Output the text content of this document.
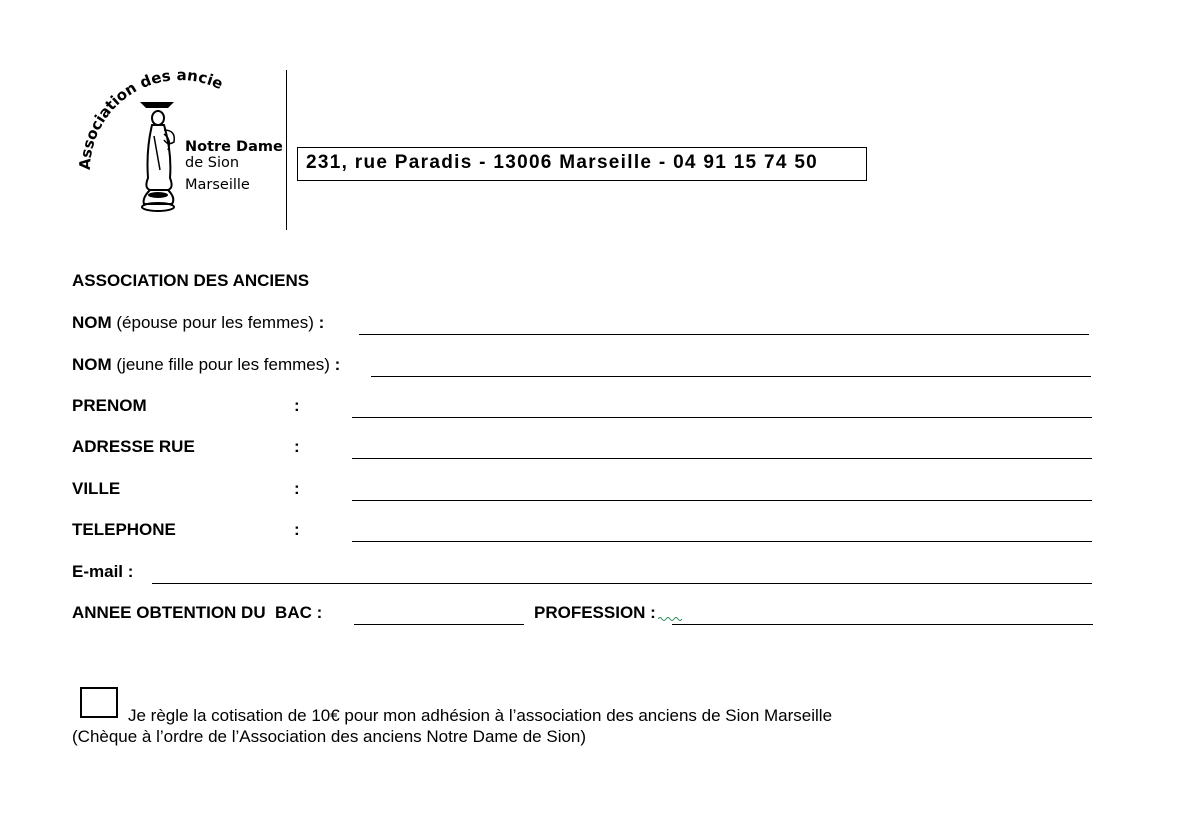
Association des ancie
Notre Dame
de Sion
Marseille
231, rue Paradis - 13006 Marseille - 04 91 15 74 50
ASSOCIATION DES ANCIENS
NOM (épouse pour les femmes) :
NOM (jeune fille pour les femmes) :
PRENOM	:
ADRESSE RUE	:
VILLE	:
TELEPHONE	:
E-mail :
ANNEE OBTENTION DU  BAC :	PROFESSION :
Je règle la cotisation de 10€ pour mon adhésion à l’association des anciens de Sion Marseille
(Chèque à l’ordre de l’Association des anciens Notre Dame de Sion)
